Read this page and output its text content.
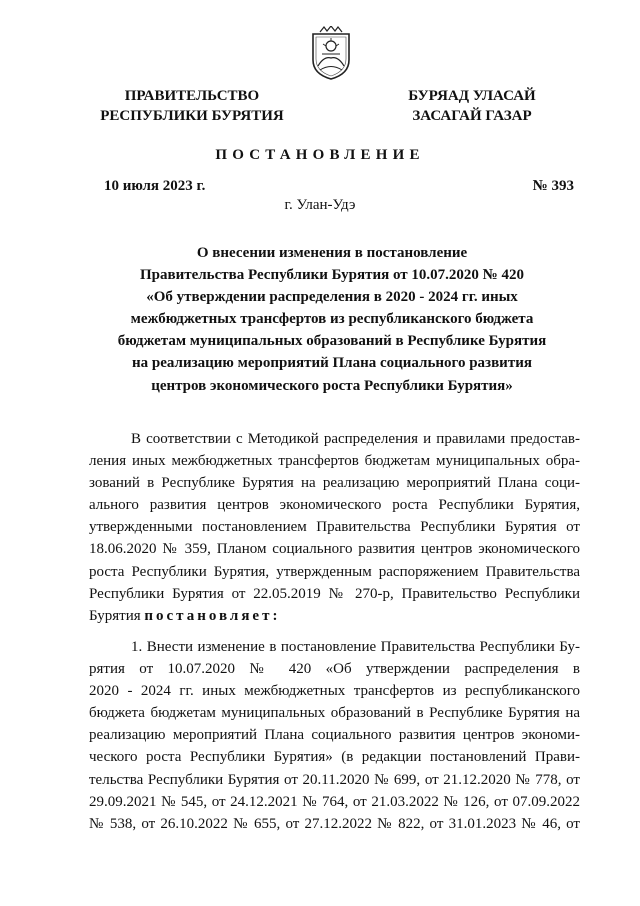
ПРАВИТЕЛЬСТВО
РЕСПУБЛИКИ БУРЯТИЯ
БУРЯАД УЛАСАЙ
ЗАСАГАЙ ГАЗАР
ПОСТАНОВЛЕНИЕ
10 июля 2023 г.	№ 393
г. Улан-Удэ
О внесении изменения в постановление
Правительства Республики Бурятия от 10.07.2020 № 420
«Об утверждении распределения в 2020 - 2024 гг. иных
межбюджетных трансфертов из республиканского бюджета
бюджетам муниципальных образований в Республике Бурятия
на реализацию мероприятий Плана социального развития
центров экономического роста Республики Бурятия»
В соответствии с Методикой распределения и правилами предостав-
ления иных межбюджетных трансфертов бюджетам муниципальных обра-
зований в Республике Бурятия на реализацию мероприятий Плана соци-
ального развития центров экономического роста Республики Бурятия,
утвержденными постановлением Правительства Республики Бурятия от
18.06.2020 № 359, Планом социального развития центров экономического
роста Республики Бурятия, утвержденным распоряжением Правительства
Республики Бурятия от 22.05.2019 № 270-р, Правительство Республики
Бурятия постановляет:
1. Внести изменение в постановление Правительства Республики Бу-
рятия от 10.07.2020 № 420 «Об утверждении распределения в
2020 - 2024 гг. иных межбюджетных трансфертов из республиканского
бюджета бюджетам муниципальных образований в Республике Бурятия на
реализацию мероприятий Плана социального развития центров экономи-
ческого роста Республики Бурятия» (в редакции постановлений Прави-
тельства Республики Бурятия от 20.11.2020 № 699, от 21.12.2020 № 778, от
29.09.2021 № 545, от 24.12.2021 № 764, от 21.03.2022 № 126, от 07.09.2022
№ 538, от 26.10.2022 № 655, от 27.12.2022 № 822, от 31.01.2023 № 46, от
